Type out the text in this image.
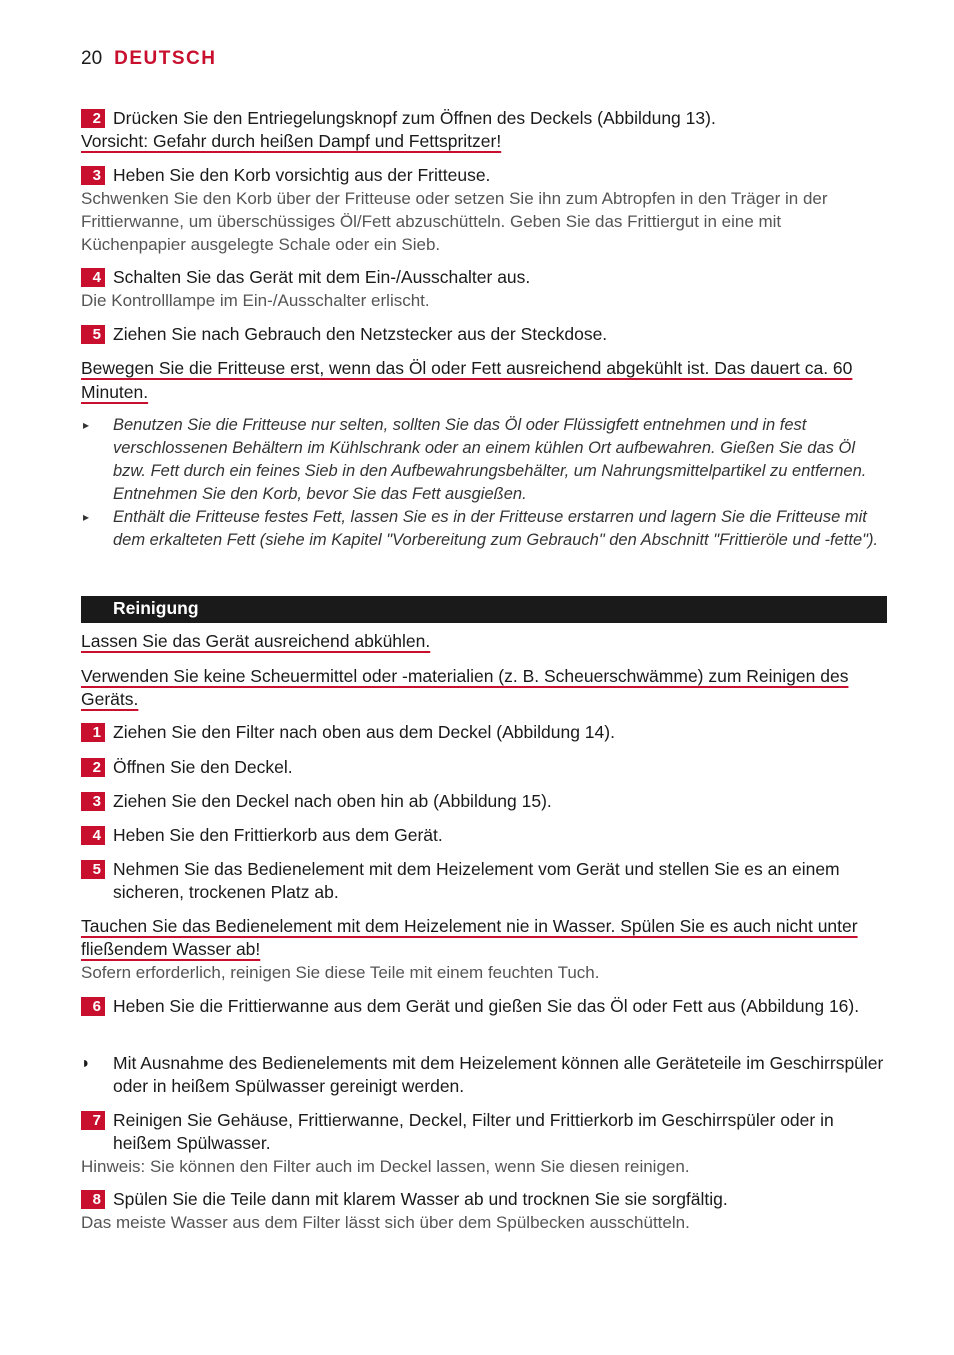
20 DEUTSCH
2 Drücken Sie den Entriegelungsknopf zum Öffnen des Deckels (Abbildung 13).
Vorsicht: Gefahr durch heißen Dampf und Fettspritzer!
3 Heben Sie den Korb vorsichtig aus der Fritteuse.
Schwenken Sie den Korb über der Fritteuse oder setzen Sie ihn zum Abtropfen in den Träger in der Frittierwanne, um überschüssiges Öl/Fett abzuschütteln. Geben Sie das Frittiergut in eine mit Küchenpapier ausgelegte Schale oder ein Sieb.
4 Schalten Sie das Gerät mit dem Ein-/Ausschalter aus.
Die Kontrolllampe im Ein-/Ausschalter erlischt.
5 Ziehen Sie nach Gebrauch den Netzstecker aus der Steckdose.
Bewegen Sie die Fritteuse erst, wenn das Öl oder Fett ausreichend abgekühlt ist. Das dauert ca. 60 Minuten.
▸ Benutzen Sie die Fritteuse nur selten, sollten Sie das Öl oder Flüssigfett entnehmen und in fest verschlossenen Behältern im Kühlschrank oder an einem kühlen Ort aufbewahren. Gießen Sie das Öl bzw. Fett durch ein feines Sieb in den Aufbewahrungsbehälter, um Nahrungsmittelpartikel zu entfernen. Entnehmen Sie den Korb, bevor Sie das Fett ausgießen.
▸ Enthält die Fritteuse festes Fett, lassen Sie es in der Fritteuse erstarren und lagern Sie die Fritteuse mit dem erkalteten Fett (siehe im Kapitel "Vorbereitung zum Gebrauch" den Abschnitt "Frittieröle und -fette").
Reinigung
Lassen Sie das Gerät ausreichend abkühlen.
Verwenden Sie keine Scheuermittel oder -materialien (z. B. Scheuerschwämme) zum Reinigen des Geräts.
1 Ziehen Sie den Filter nach oben aus dem Deckel (Abbildung 14).
2 Öffnen Sie den Deckel.
3 Ziehen Sie den Deckel nach oben hin ab (Abbildung 15).
4 Heben Sie den Frittierkorb aus dem Gerät.
5 Nehmen Sie das Bedienelement mit dem Heizelement vom Gerät und stellen Sie es an einem sicheren, trockenen Platz ab.
Tauchen Sie das Bedienelement mit dem Heizelement nie in Wasser. Spülen Sie es auch nicht unter fließendem Wasser ab!
Sofern erforderlich, reinigen Sie diese Teile mit einem feuchten Tuch.
6 Heben Sie die Frittierwanne aus dem Gerät und gießen Sie das Öl oder Fett aus (Abbildung 16).
◗ Mit Ausnahme des Bedienelements mit dem Heizelement können alle Geräteteile im Geschirrspüler oder in heißem Spülwasser gereinigt werden.
7 Reinigen Sie Gehäuse, Frittierwanne, Deckel, Filter und Frittierkorb im Geschirrspüler oder in heißem Spülwasser.
Hinweis: Sie können den Filter auch im Deckel lassen, wenn Sie diesen reinigen.
8 Spülen Sie die Teile dann mit klarem Wasser ab und trocknen Sie sie sorgfältig.
Das meiste Wasser aus dem Filter lässt sich über dem Spülbecken ausschütteln.
